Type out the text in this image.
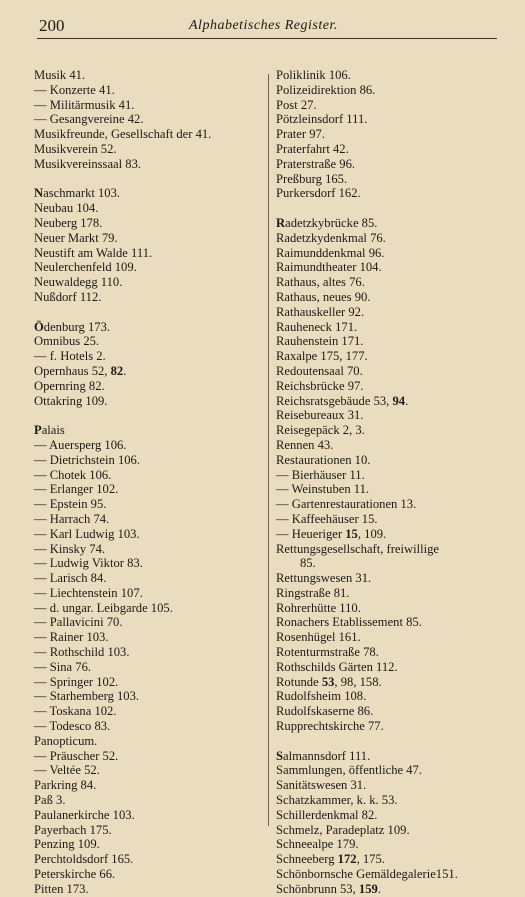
200	Alphabetisches Register.
Musik 41.
— Konzerte 41.
— Militärmusik 41.
— Gesangvereine 42.
Musikfreunde, Gesellschaft der 41.
Musikverein 52.
Musikvereinssaal 83.
Naschmarkt 103.
Neubau 104.
Neuberg 178.
Neuer Markt 79.
Neustift am Walde 111.
Neulerchenfeld 109.
Neuwaldegg 110.
Nußdorf 112.
Ödenburg 173.
Omnibus 25.
— f. Hotels 2.
Opernhaus 52, 82.
Opernring 82.
Ottakring 109.
Palais
— Auersperg 106.
— Dietrichstein 106.
— Chotek 106.
— Erlanger 102.
— Epstein 95.
— Harrach 74.
— Karl Ludwig 103.
— Kinsky 74.
— Ludwig Viktor 83.
— Larisch 84.
— Liechtenstein 107.
— d. ungar. Leibgarde 105.
— Pallavicini 70.
— Rainer 103.
— Rothschild 103.
— Sina 76.
— Springer 102.
— Starhemberg 103.
— Toskana 102.
— Todesco 83.
Panopticum.
— Präuscher 52.
— Veltée 52.
Parkring 84.
Paß 3.
Paulanerkirche 103.
Payerbach 175.
Penzing 109.
Perchtoldsdorf 165.
Peterskirche 66.
Pitten 173.
Poliklinik 106.
Polizeidirektion 86.
Post 27.
Pötzleinsdorf 111.
Prater 97.
Praterfahrt 42.
Praterstraße 96.
Preßburg 165.
Purkersdorf 162.
Radetzkybrücke 85.
Radetzkydenkmal 76.
Raimunddenkmal 96.
Raimundtheater 104.
Rathaus, altes 76.
Rathaus, neues 90.
Rathauskeller 92.
Rauheneck 171.
Rauhenstein 171.
Raxalpe 175, 177.
Redoutensaal 70.
Reichsbrücke 97.
Reichsratsgebäude 53, 94.
Reisebureaux 31.
Reisegepäck 2, 3.
Rennen 43.
Restaurationen 10.
— Bierhäuser 11.
— Weinstuben 11.
— Gartenrestaurationen 13.
— Kaffeehäuser 15.
— Heueriger 15, 109.
Rettungsgesellschaft, freiwillige
85.
Rettungswesen 31.
Ringstraße 81.
Rohrerhütte 110.
Ronachers Etablissement 85.
Rosenhügel 161.
Rotenturmstraße 78.
Rothschilds Gärten 112.
Rotunde 53, 98, 158.
Rudolfsheim 108.
Rudolfskaserne 86.
Rupprechtskirche 77.
Salmannsdorf 111.
Sammlungen, öffentliche 47.
Sanitätswesen 31.
Schatzkammer, k. k. 53.
Schillerdenkmal 82.
Schmelz, Paradeplatz 109.
Schneealpe 179.
Schneeberg 172, 175.
Schönbornsche Gemäldegalerie151.
Schönbrunn 53, 159.
